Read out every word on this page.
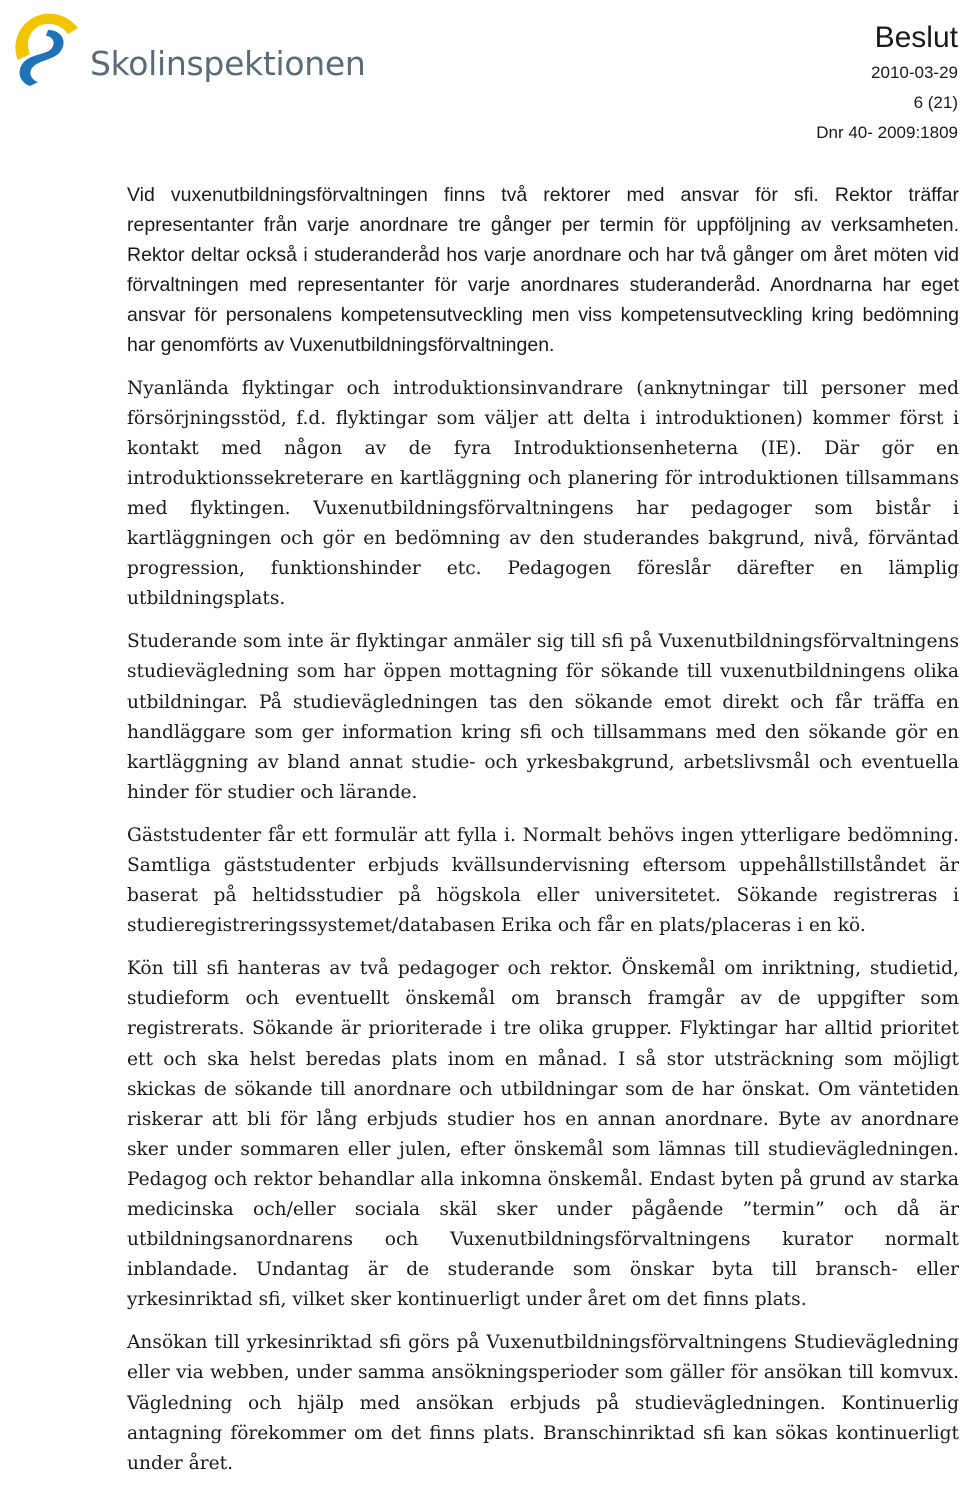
Skolinspektionen
Beslut
2010-03-29
6 (21)
Dnr 40- 2009:1809

Vid vuxenutbildningsförvaltningen finns två rektorer med ansvar för sfi. Rektor träffar representanter från varje anordnare tre gånger per termin för uppföljning av verksamheten. Rektor deltar också i studeranderåd hos varje anordnare och har två gånger om året möten vid förvaltningen med representanter för varje anordnares studeranderåd. Anordnarna har eget ansvar för personalens kompetensutveckling men viss kompetensutveckling kring bedömning har genomförts av Vuxenutbildningsförvaltningen.

Nyanlända flyktingar och introduktionsinvandrare (anknytningar till personer med försörjningsstöd, f.d. flyktingar som väljer att delta i introduktionen) kommer först i kontakt med någon av de fyra Introduktionsenheterna (IE). Där gör en introduktionssekreterare en kartläggning och planering för introduktionen tillsammans med flyktingen. Vuxenutbildningsförvaltningens har pedagoger som bistår i kartläggningen och gör en bedömning av den studerandes bakgrund, nivå, förväntad progression, funktionshinder etc. Pedagogen föreslår därefter en lämplig utbildningsplats.

Studerande som inte är flyktingar anmäler sig till sfi på Vuxenutbildningsförvaltningens studievägledning som har öppen mottagning för sökande till vuxenutbildningens olika utbildningar. På studievägledningen tas den sökande emot direkt och får träffa en handläggare som ger information kring sfi och tillsammans med den sökande gör en kartläggning av bland annat studie- och yrkesbakgrund, arbetslivsmål och eventuella hinder för studier och lärande.

Gäststudenter får ett formulär att fylla i. Normalt behövs ingen ytterligare bedömning. Samtliga gäststudenter erbjuds kvällsundervisning eftersom uppehållstillståndet är baserat på heltidsstudier på högskola eller universitetet. Sökande registreras i studieregistreringssystemet/databasen Erika och får en plats/placeras i en kö.

Kön till sfi hanteras av två pedagoger och rektor. Önskemål om inriktning, studietid, studieform och eventuellt önskemål om bransch framgår av de uppgifter som registrerats. Sökande är prioriterade i tre olika grupper. Flyktingar har alltid prioritet ett och ska helst beredas plats inom en månad. I så stor utsträckning som möjligt skickas de sökande till anordnare och utbildningar som de har önskat. Om väntetiden riskerar att bli för lång erbjuds studier hos en annan anordnare. Byte av anordnare sker under sommaren eller julen, efter önskemål som lämnas till studievägledningen. Pedagog och rektor behandlar alla inkomna önskemål. Endast byten på grund av starka medicinska och/eller sociala skäl sker under pågående ”termin” och då är utbildningsanordnarens och Vuxenutbildningsförvaltningens kurator normalt inblandade. Undantag är de studerande som önskar byta till bransch- eller yrkesinriktad sfi, vilket sker kontinuerligt under året om det finns plats.

Ansökan till yrkesinriktad sfi görs på Vuxenutbildningsförvaltningens Studievägledning eller via webben, under samma ansökningsperioder som gäller för ansökan till komvux. Vägledning och hjälp med ansökan erbjuds på studievägledningen. Kontinuerlig antagning förekommer om det finns plats. Branschinriktad sfi kan sökas kontinuerligt under året.
